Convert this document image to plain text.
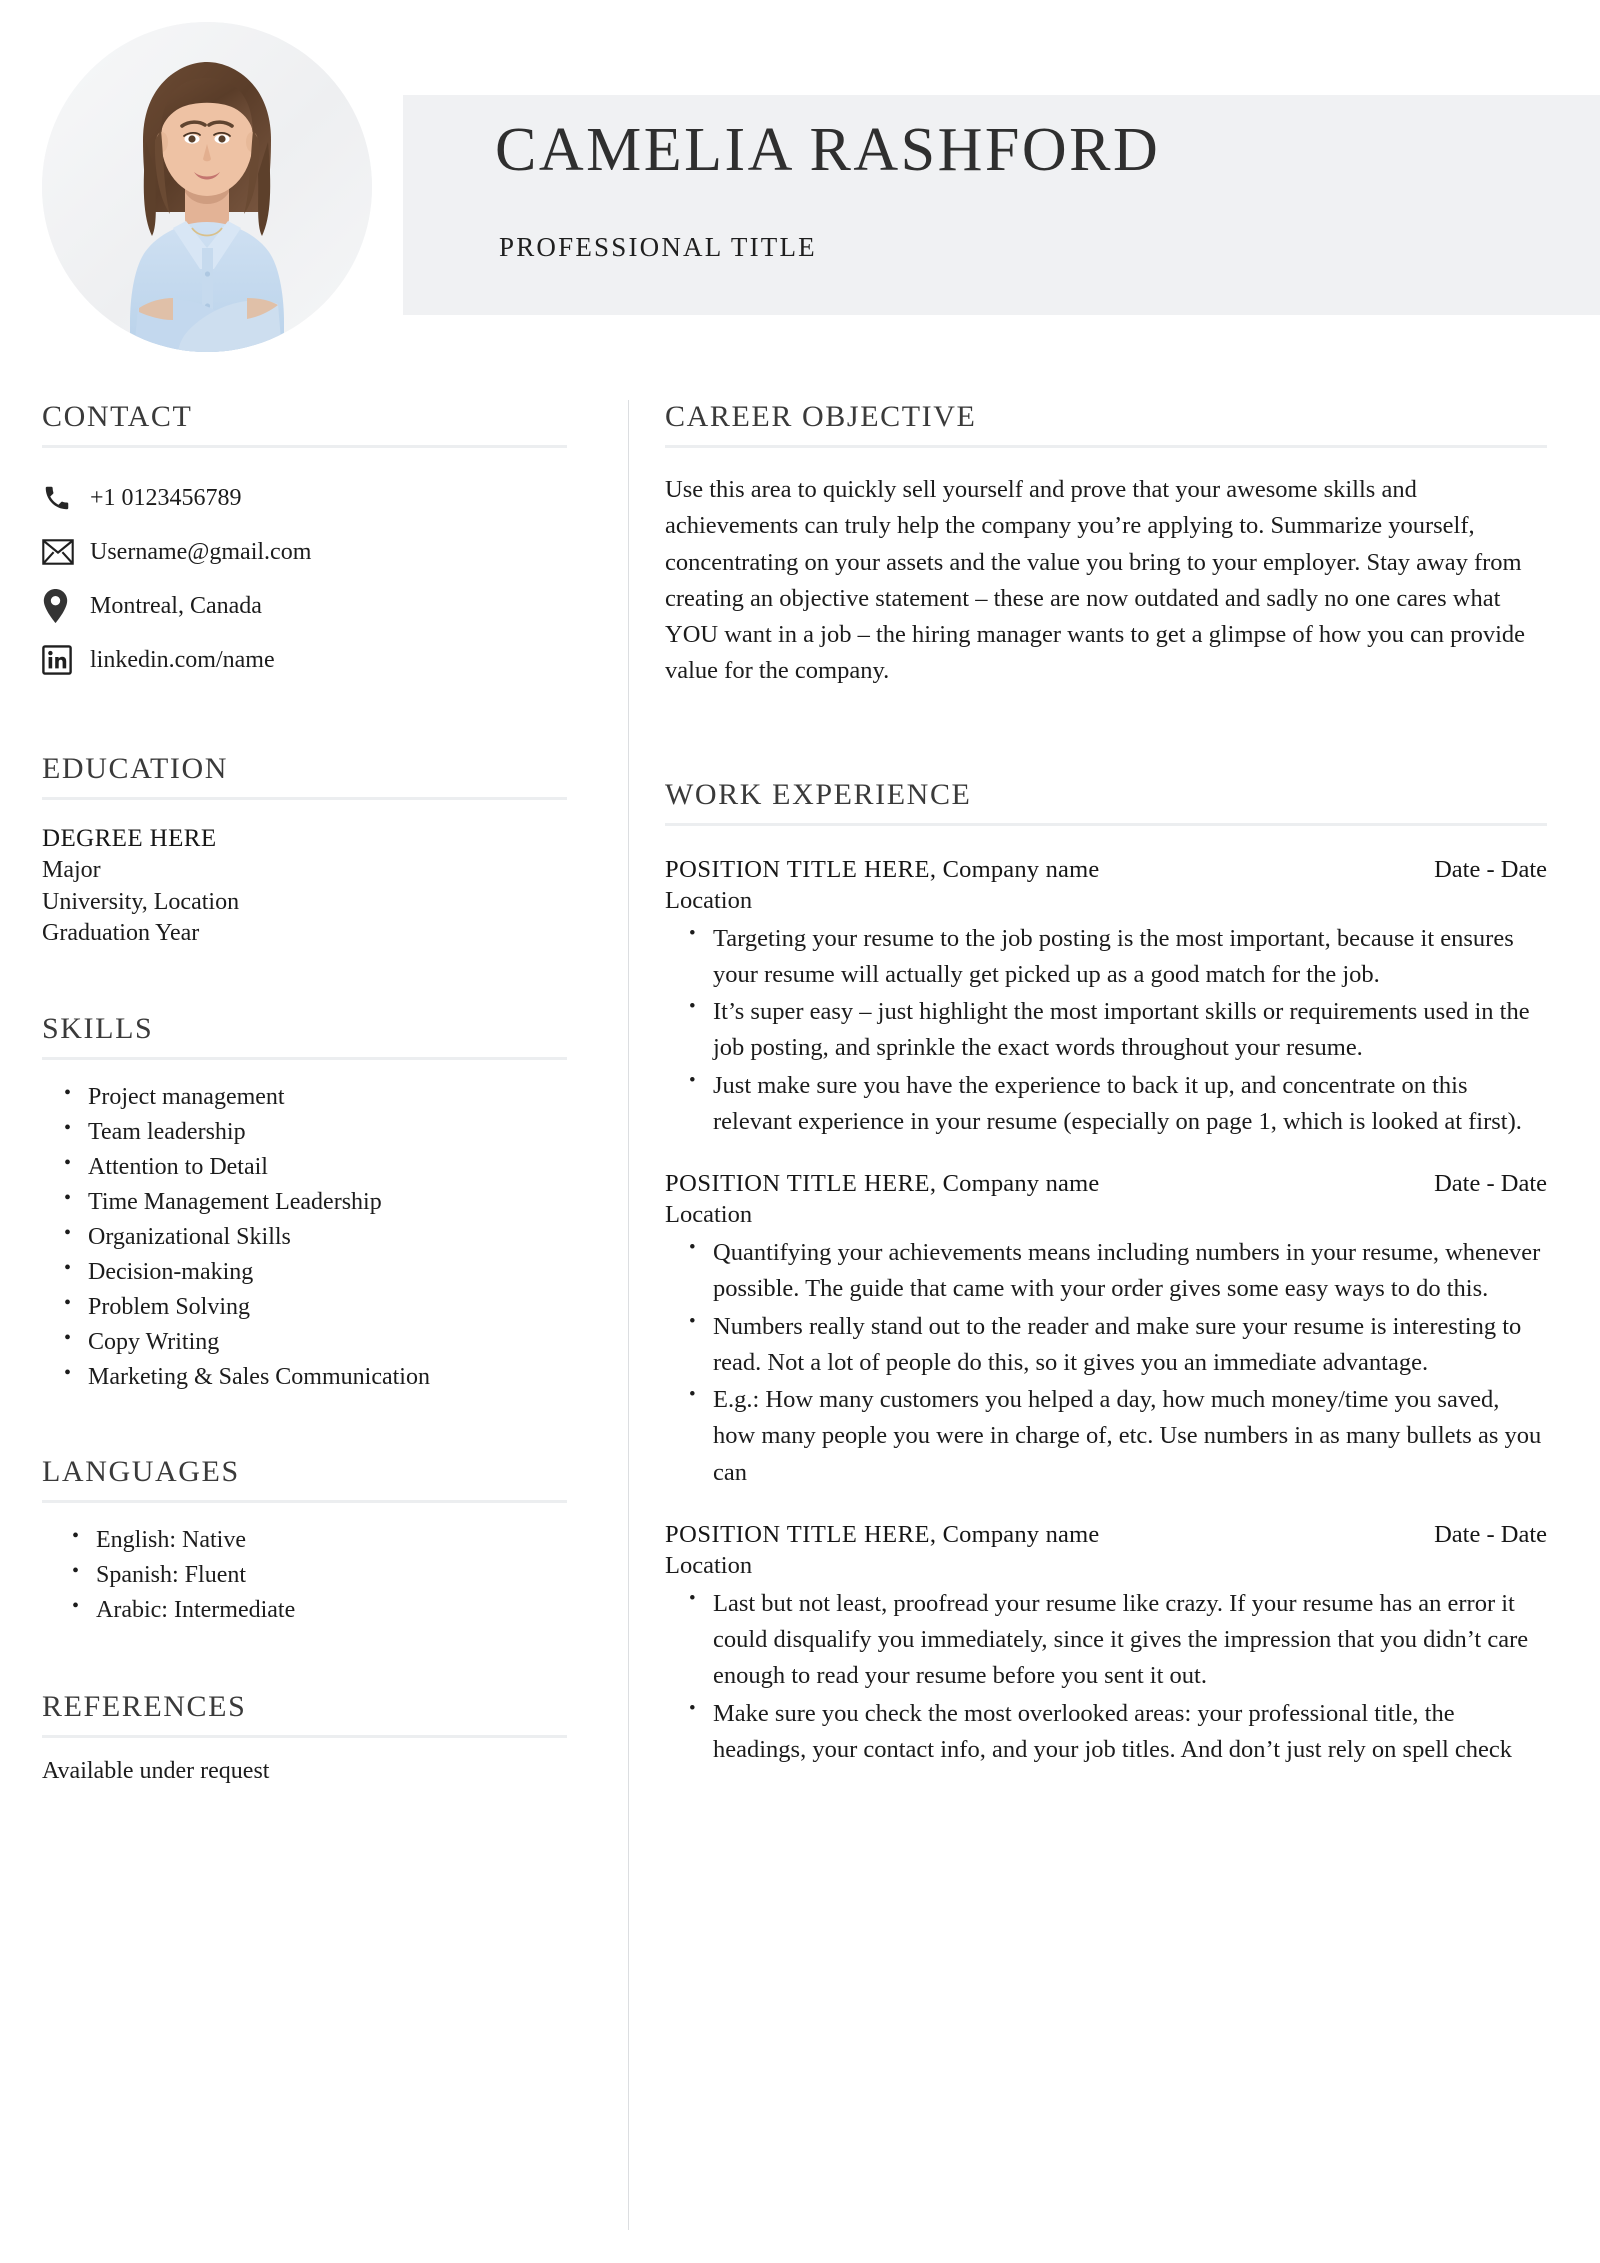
CAMELIA RASHFORD
PROFESSIONAL TITLE
CONTACT
+1 0123456789
Username@gmail.com
Montreal, Canada
linkedin.com/name
EDUCATION
DEGREE HERE
Major
University, Location
Graduation Year
SKILLS
• Project management
• Team leadership
• Attention to Detail
• Time Management Leadership
• Organizational Skills
• Decision-making
• Problem Solving
• Copy Writing
• Marketing & Sales Communication
LANGUAGES
• English: Native
• Spanish: Fluent
• Arabic: Intermediate
REFERENCES
Available under request
CAREER OBJECTIVE
Use this area to quickly sell yourself and prove that your awesome skills and achievements can truly help the company you’re applying to. Summarize yourself, concentrating on your assets and the value you bring to your employer. Stay away from creating an objective statement – these are now outdated and sadly no one cares what YOU want in a job – the hiring manager wants to get a glimpse of how you can provide value for the company.
WORK EXPERIENCE
POSITION TITLE HERE, Company name	Date - Date
Location
• Targeting your resume to the job posting is the most important, because it ensures your resume will actually get picked up as a good match for the job.
• It’s super easy – just highlight the most important skills or requirements used in the job posting, and sprinkle the exact words throughout your resume.
• Just make sure you have the experience to back it up, and concentrate on this relevant experience in your resume (especially on page 1, which is looked at first).
POSITION TITLE HERE, Company name	Date - Date
Location
• Quantifying your achievements means including numbers in your resume, whenever possible. The guide that came with your order gives some easy ways to do this.
• Numbers really stand out to the reader and make sure your resume is interesting to read. Not a lot of people do this, so it gives you an immediate advantage.
• E.g.: How many customers you helped a day, how much money/time you saved, how many people you were in charge of, etc. Use numbers in as many bullets as you can
POSITION TITLE HERE, Company name	Date - Date
Location
• Last but not least, proofread your resume like crazy. If your resume has an error it could disqualify you immediately, since it gives the impression that you didn’t care enough to read your resume before you sent it out.
• Make sure you check the most overlooked areas: your professional title, the headings, your contact info, and your job titles. And don’t just rely on spell check
